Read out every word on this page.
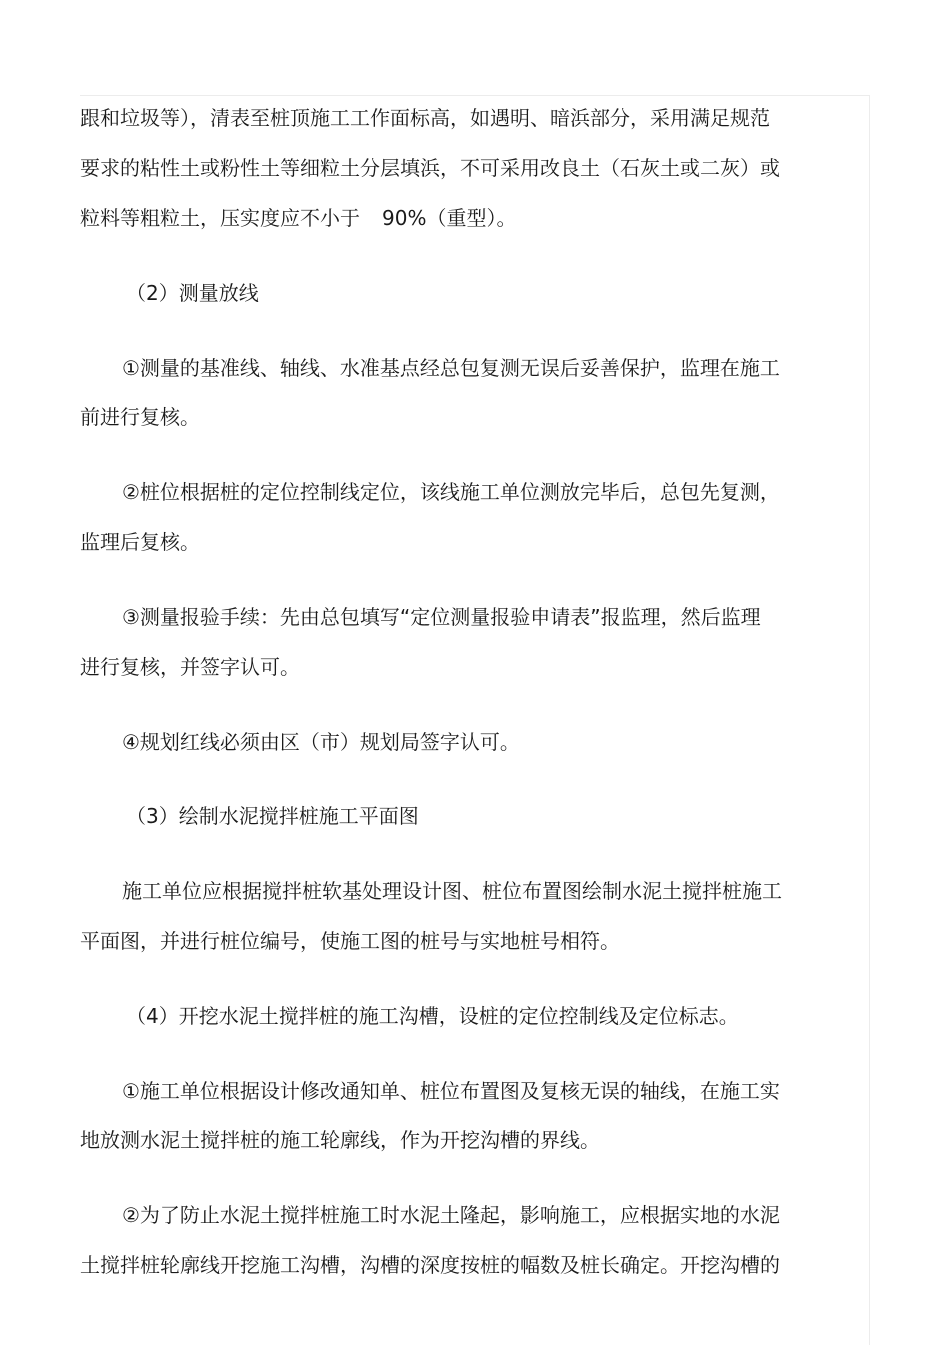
跟和垃圾等），清表至桩顶施工工作面标高，如遇明、暗浜部分，采用满足规范
要求的粘性土或粉性土等细粒土分层填浜，不可采用改良土（石灰土或二灰）或
粒料等粗粒土，压实度应不小于 90%（重型）。
（2）测量放线
①测量的基准线、轴线、水准基点经总包复测无误后妥善保护，监理在施工
前进行复核。
②桩位根据桩的定位控制线定位，该线施工单位测放完毕后，总包先复测，
监理后复核。
③测量报验手续：先由总包填写“定位测量报验申请表”报监理，然后监理
进行复核，并签字认可。
④规划红线必须由区（市）规划局签字认可。
（3）绘制水泥搅拌桩施工平面图
施工单位应根据搅拌桩软基处理设计图、桩位布置图绘制水泥土搅拌桩施工
平面图，并进行桩位编号，使施工图的桩号与实地桩号相符。
（4）开挖水泥土搅拌桩的施工沟槽，设桩的定位控制线及定位标志。
①施工单位根据设计修改通知单、桩位布置图及复核无误的轴线，在施工实
地放测水泥土搅拌桩的施工轮廓线，作为开挖沟槽的界线。
②为了防止水泥土搅拌桩施工时水泥土隆起，影响施工，应根据实地的水泥
土搅拌桩轮廓线开挖施工沟槽，沟槽的深度按桩的幅数及桩长确定。开挖沟槽的
